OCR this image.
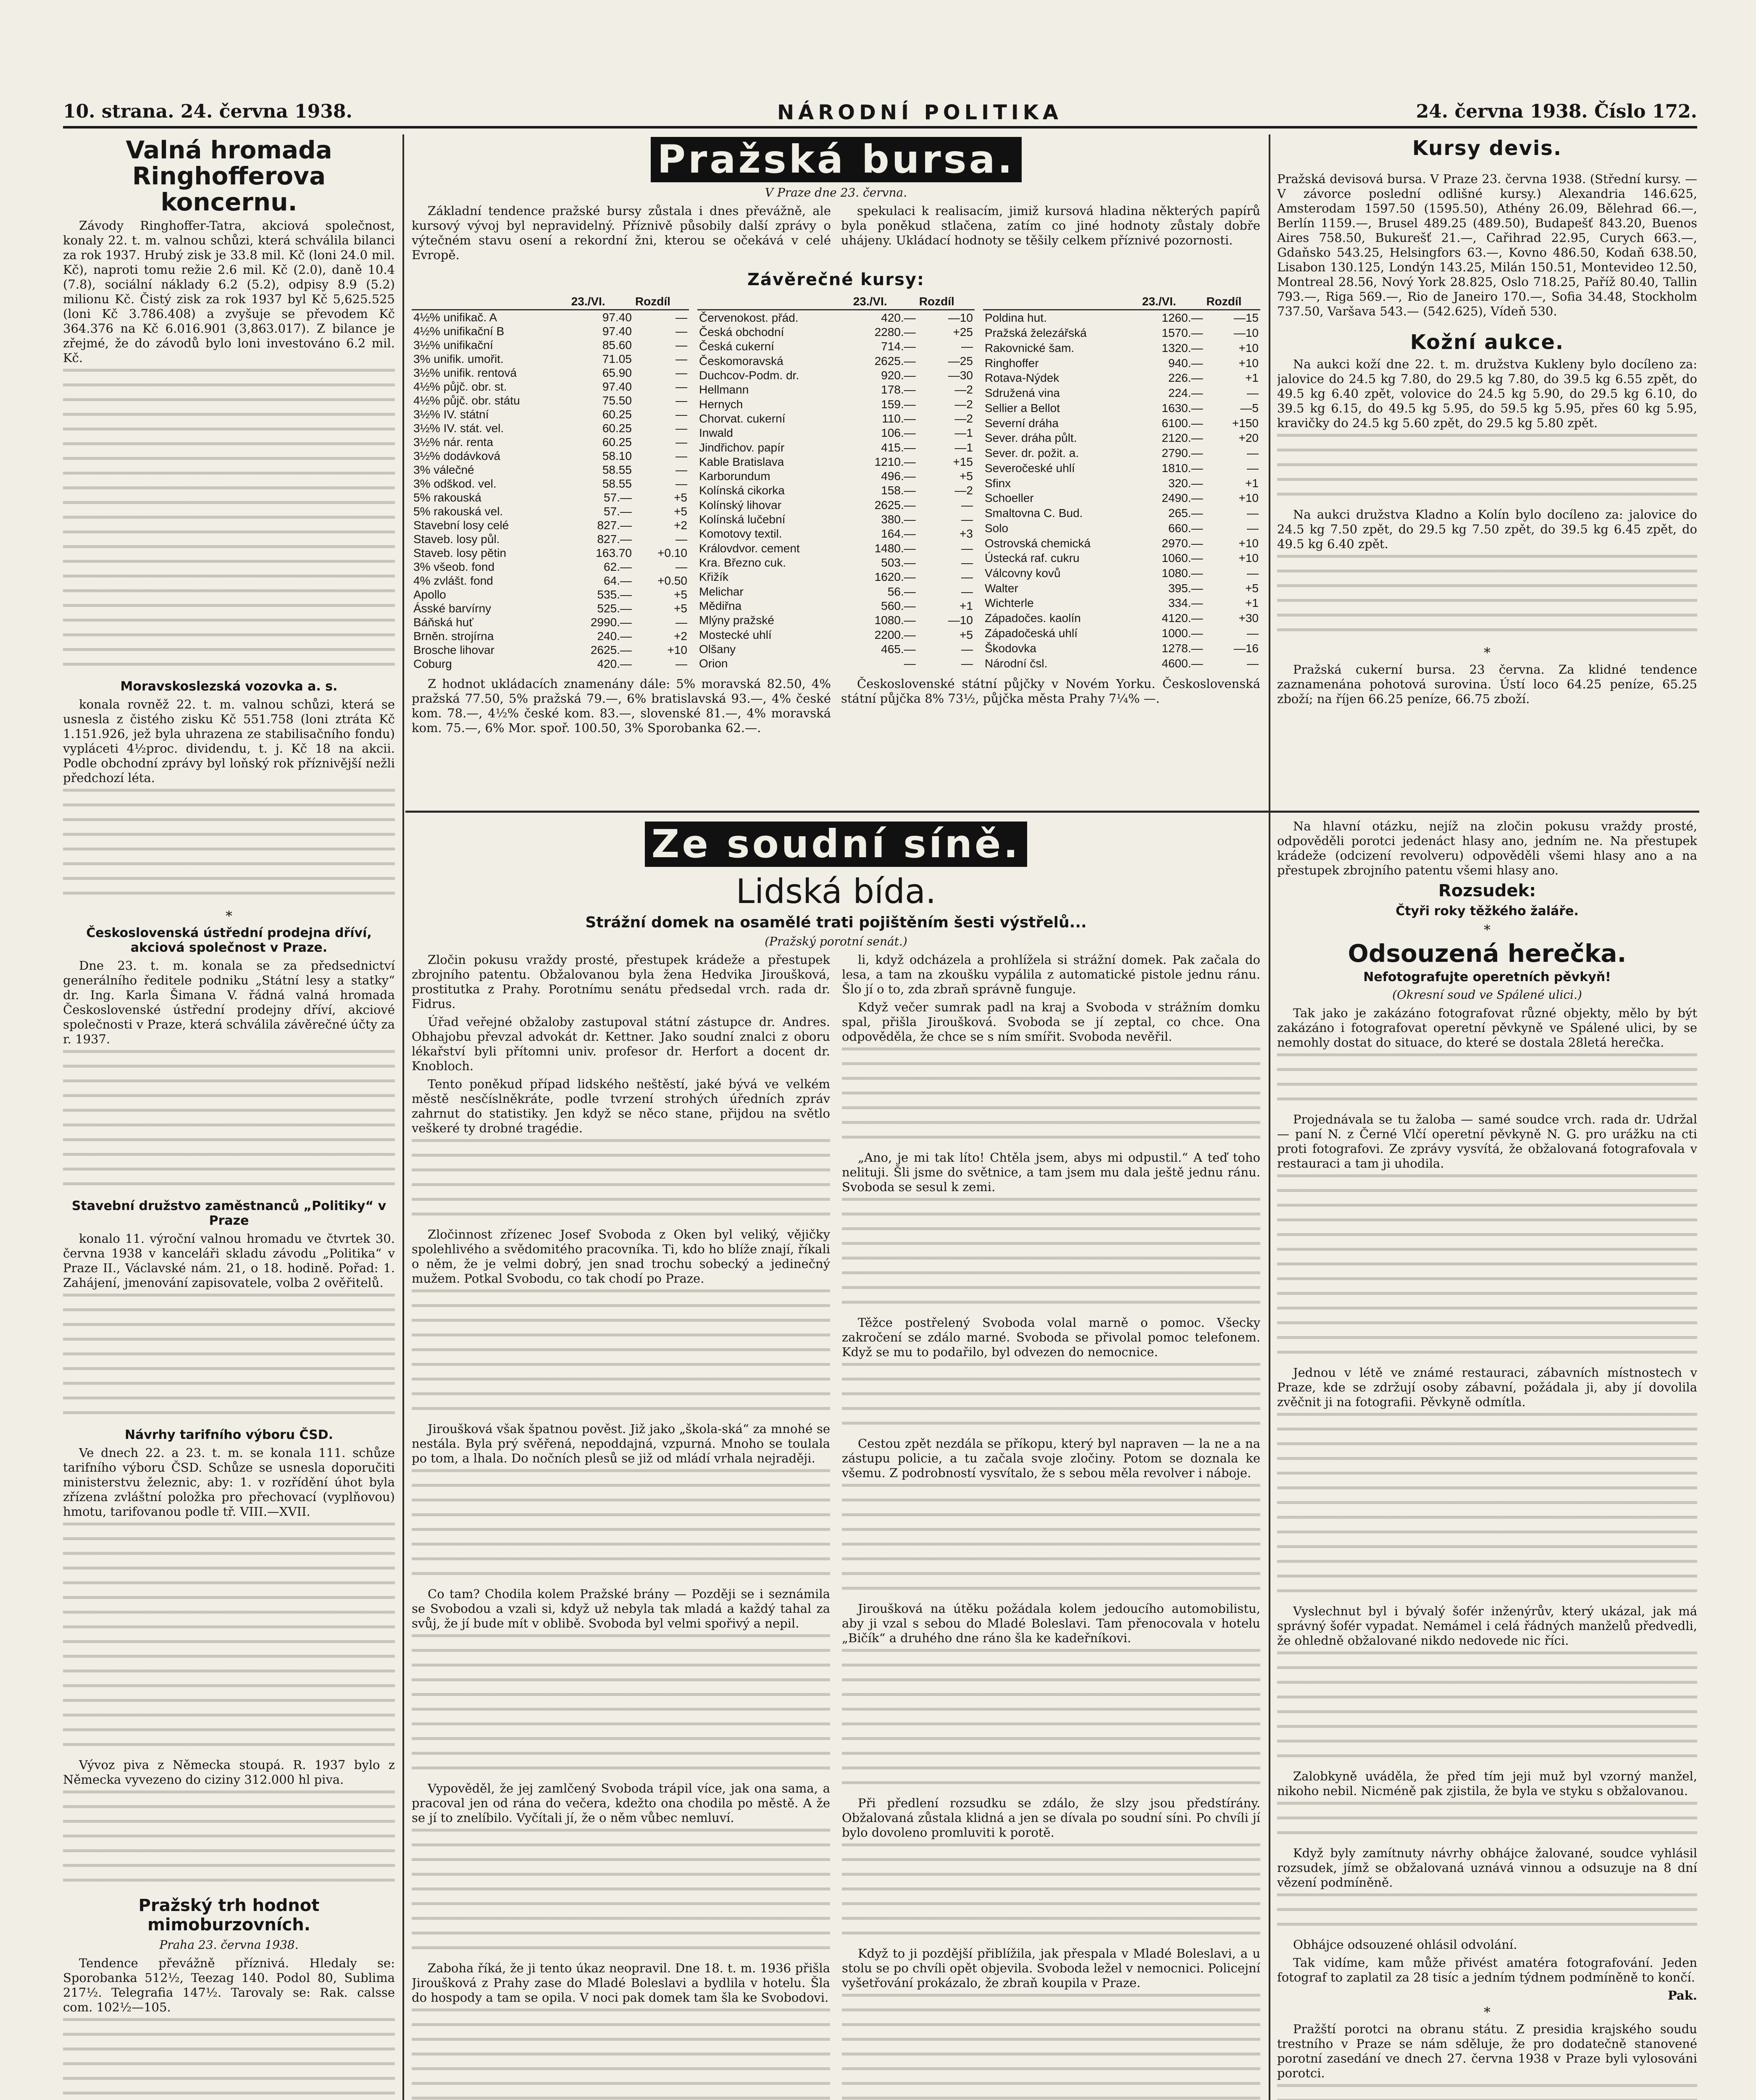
10. strana. 24. června 1938.	NÁRODNÍ POLITIKA	24. června 1938. Číslo 172.
Valná hromada Ringhofferova koncernu.

Závody Ringhoffer-Tatra, akciová společnost, konaly 22. t. m. valnou schůzi, která schválila bilanci za rok 1937. Hrubý zisk je 33.8 mil. Kč (loni 24.0 mil. Kč), naproti tomu režie 2.6 mil. Kč (2.0), daně 10.4 (7.8), sociální náklady 6.2 (5.2), odpisy 8.9 (5.2) milionu Kč. Čistý zisk za rok 1937 byl Kč 5,625.525 (loni Kč 3.786.408) a zvyšuje se převodem Kč 364.376 na Kč 6.016.901 (3,863.017). Z bilance je zřejmé, že do závodů bylo loni investováno 6.2 mil. Kč.

Moravskoslezská vozovka a. s.

konala rovněž 22. t. m. valnou schůzi, která se usnesla z čistého zisku Kč 551.758 (loni ztráta Kč 1.151.926, jež byla uhrazena ze stabilisačního fondu) vypláceti 4½proc. dividendu, t. j. Kč 18 na akcii. Podle obchodní zprávy byl loňský rok příznivější nežli předchozí léta.

*
Československá ústřední prodejna dříví, akciová společnost v Praze.

Dne 23. t. m. konala se za předsednictví generálního ředitele podniku „Státní lesy a statky“ dr. Ing. Karla Šimana V. řádná valná hromada Československé ústřední prodejny dříví, akciové společnosti v Praze, která schválila závěrečné účty za r. 1937.

Stavební družstvo zaměstnanců „Politiky“ v Praze

konalo 11. výroční valnou hromadu ve čtvrtek 30. června 1938 v kanceláři skladu závodu „Politika“ v Praze II., Václavské nám. 21, o 18. hodině. Pořad: 1. Zahájení, jmenování zapisovatele, volba 2 ověřitelů.

Návrhy tarifního výboru ČSD.

Ve dnech 22. a 23. t. m. se konala 111. schůze tarifního výboru ČSD. Schůze se usnesla doporučiti ministerstvu železnic, aby: 1. v rozřídění úhot byla zřízena zvláštní položka pro přechovací (vyplňovou) hmotu, tarifovanou podle tř. VIII.—XVII.

Vývoz piva z Německa stoupá. R. 1937 bylo z Německa vyvezeno do ciziny 312.000 hl piva.

Pražský trh hodnot mimoburzovních.
Praha 23. června 1938.

Tendence převážně příznivá. Hledaly se: Sporobanka 512½, Teezag 140. Podol 80, Sublima 217½. Telegrafia 147½. Tarovaly se: Rak. calsse com. 102½—105.

Pražská bursa.
V Praze dne 23. června.

Základní tendence pražské bursy zůstala i dnes převážně, ale kursový vývoj byl nepravidelný. Příznivě působily další zprávy o výtečném stavu osení a rekordní žni, kterou se očekává v celé Evropě.

spekulaci k realisacím, jimiž kursová hladina některých papírů byla poněkud stlačena, zatím co jiné hodnoty zůstaly dobře uhájeny. Ukládací hodnoty se těšily celkem příznivé pozornosti.

Závěrečné kursy:
	23./VI.	Rozdíl
4½% unifikač. A	97.40	—
4½% unifikační B	97.40	—
3½% unifikační	85.60	—
3% unifik. umořit.	71.05	—
3½% unifik. rentová	65.90	—
4½% půjč. obr. st.	97.40	—
4½% půjč. obr. státu	75.50	—
3½% IV. státní	60.25	—
3½% IV. stát. vel.	60.25	—
3½% nár. renta	60.25	—
3½% dodávková	58.10	—
3% válečné	58.55	—
3% odškod. vel.	58.55	—
5% rakouská	57.—	+5
5% rakouská vel.	57.—	+5
Stavební losy celé	827.—	+2
Staveb. losy půl.	827.—	—
Staveb. losy pětin	163.70	+0.10
3% všeob. fond	62.—	—
4% zvlášt. fond	64.—	+0.50
Apollo	535.—	+5
Ásské barvírny	525.—	+5
Báňská huť	2990.—	—
Brněn. strojírna	240.—	+2
Brosche lihovar	2625.—	+10
Coburg	420.—	—
	23./VI.	Rozdíl
Červenokost. přád.	420.—	—10
Česká obchodní	2280.—	+25
Česká cukerní	714.—	—
Českomoravská	2625.—	—25
Duchcov-Podm. dr.	920.—	—30
Hellmann	178.—	—2
Hernych	159.—	—2
Chorvat. cukerní	110.—	—2
Inwald	106.—	—1
Jindřichov. papír	415.—	—1
Kable Bratislava	1210.—	+15
Karborundum	496.—	+5
Kolínská cikorka	158.—	—2
Kolínský lihovar	2625.—	—
Kolínská lučební	380.—	—
Komotovy textil.	164.—	+3
Královdvor. cement	1480.—	—
Kra. Březno cuk.	503.—	—
Křižík	1620.—	—
Melichar	56.—	—
Mědiřna	560.—	+1
Mlýny pražské	1080.—	—10
Mostecké uhlí	2200.—	+5
Olšany	465.—	—
Orion	—	—
	23./VI.	Rozdíl
Poldina hut.	1260.—	—15
Pražská železářská	1570.—	—10
Rakovnické šam.	1320.—	+10
Ringhoffer	940.—	+10
Rotava-Nýdek	226.—	+1
Sdružená vina	224.—	—
Sellier a Bellot	1630.—	—5
Severní dráha	6100.—	+150
Sever. dráha půlt.	2120.—	+20
Sever. dr. požit. a.	2790.—	—
Severočeské uhlí	1810.—	—
Sfinx	320.—	+1
Schoeller	2490.—	+10
Smaltovna C. Bud.	265.—	—
Solo	660.—	—
Ostrovská chemická	2970.—	+10
Ústecká raf. cukru	1060.—	+10
Válcovny kovů	1080.—	—
Walter	395.—	+5
Wichterle	334.—	+1
Západočes. kaolín	4120.—	+30
Západočeská uhlí	1000.—	—
Škodovka	1278.—	—16
Národní čsl.	4600.—	—

Z hodnot ukládacích znamenány dále: 5% moravská 82.50, 4% pražská 77.50, 5% pražská 79.—, 6% bratislavská 93.—, 4% české kom. 78.—, 4½% české kom. 83.—, slovenské 81.—, 4% moravská kom. 75.—, 6% Mor. spoř. 100.50, 3% Sporobanka 62.—.

Československé státní půjčky v Novém Yorku. Československá státní půjčka 8% 73½, půjčka města Prahy 7¼% —.

Kursy devis.

Pražská devisová bursa. V Praze 23. června 1938. (Střední kursy. — V závorce poslední odlišné kursy.) Alexandria 146.625, Amsterodam 1597.50 (1595.50), Athény 26.09, Bělehrad 66.—, Berlín 1159.—, Brusel 489.25 (489.50), Budapešť 843.20, Buenos Aires 758.50, Bukurešť 21.—, Cařihrad 22.95, Curych 663.—, Gdaňsko 543.25, Helsingfors 63.—, Kovno 486.50, Kodaň 638.50, Lisabon 130.125, Londýn 143.25, Milán 150.51, Montevideo 12.50, Montreal 28.56, Nový York 28.825, Oslo 718.25, Paříž 80.40, Tallin 793.—, Riga 569.—, Rio de Janeiro 170.—, Sofia 34.48, Stockholm 737.50, Varšava 543.— (542.625), Vídeň 530.

Kožní aukce.

Na aukci koží dne 22. t. m. družstva Kukleny bylo docíleno za: jalovice do 24.5 kg 7.80, do 29.5 kg 7.80, do 39.5 kg 6.55 zpět, do 49.5 kg 6.40 zpět, volovice do 24.5 kg 5.90, do 29.5 kg 6.10, do 39.5 kg 6.15, do 49.5 kg 5.95, do 59.5 kg 5.95, přes 60 kg 5.95, kravičky do 24.5 kg 5.60 zpět, do 29.5 kg 5.80 zpět.

Na aukci družstva Kladno a Kolín bylo docíleno za: jalovice do 24.5 kg 7.50 zpět, do 29.5 kg 7.50 zpět, do 39.5 kg 6.45 zpět, do 49.5 kg 6.40 zpět.

*

Pražská cukerní bursa. 23 června. Za klidné tendence zaznamenána pohotová surovina. Ústí loco 64.25 peníze, 65.25 zboží; na říjen 66.25 peníze, 66.75 zboží.

Ze soudní síně.
Lidská bída.
Strážní domek na osamělé trati pojištěním šesti výstřelů...
(Pražský porotní senát.)

Zločin pokusu vraždy prosté, přestupek krádeže a přestupek zbrojního patentu. Obžalovanou byla žena Hedvika Jiroušková, prostitutka z Prahy. Porotnímu senátu předsedal vrch. rada dr. Fidrus.

Úřad veřejné obžaloby zastupoval státní zástupce dr. Andres. Obhajobu převzal advokát dr. Kettner. Jako soudní znalci z oboru lékařství byli přítomni univ. profesor dr. Herfort a docent dr. Knobloch.

Tento poněkud případ lidského neštěstí, jaké bývá ve velkém městě nesčíslněkráte, podle tvrzení strohých úředních zpráv zahrnut do statistiky. Jen když se něco stane, přijdou na světlo veškeré ty drobné tragédie.

Zločinnost zřízenec Josef Svoboda z Oken byl veliký, vějičky spolehlivého a svědomitého pracovníka. Ti, kdo ho blíže znají, říkali o něm, že je velmi dobrý, jen snad trochu sobecký a jedinečný mužem. Potkal Svobodu, co tak chodí po Praze.

Jiroušková však špatnou pověst. Již jako „škola-ská“ za mnohé se nestála. Byla prý svěřená, nepoddajná, vzpurná. Mnoho se toulala po tom, a lhala. Do nočních plesů se již od mládí vrhala nejraději.

Co tam? Chodila kolem Pražské brány — Později se i seznámila se Svobodou a vzali si, když už nebyla tak mladá a každý tahal za svůj, že jí bude mít v oblibě. Svoboda byl velmi spořivý a nepil.

Vypověděl, že jej zamlčený Svoboda trápil více, jak ona sama, a pracoval jen od rána do večera, kdežto ona chodila po městě. A že se jí to znelíbilo. Vyčítali jí, že o něm vůbec nemluví.

Zaboha říká, že ji tento úkaz neopravil. Dne 18. t. m. 1936 přišla Jiroušková z Prahy zase do Mladé Boleslavi a bydlila v hotelu. Šla do hospody a tam se opila. V noci pak domek tam šla ke Svobodovi.

li, když odcházela a prohlížela si strážní domek. Pak začala do lesa, a tam na zkoušku vypálila z automatické pistole jednu ránu. Šlo jí o to, zda zbraň správně funguje.

Když večer sumrak padl na kraj a Svoboda v strážním domku spal, přišla Jiroušková. Svoboda se jí zeptal, co chce. Ona odpověděla, že chce se s ním smířit. Svoboda nevěřil.

„Ano, je mi tak líto! Chtěla jsem, abys mi odpustil.“ A teď toho nelituji. Šli jsme do světnice, a tam jsem mu dala ještě jednu ránu. Svoboda se sesul k zemi.

Těžce postřelený Svoboda volal marně o pomoc. Všecky zakročení se zdálo marné. Svoboda se přivolal pomoc telefonem. Když se mu to podařilo, byl odvezen do nemocnice.

Cestou zpět nezdála se příkopu, který byl napraven — la ne a na zástupu policie, a tu začala svoje zločiny. Potom se doznala ke všemu. Z podrobností vysvítalo, že s sebou měla revolver i náboje.

Jiroušková na útěku požádala kolem jedoucího automobilistu, aby ji vzal s sebou do Mladé Boleslavi. Tam přenocovala v hotelu „Bičík“ a druhého dne ráno šla ke kadeřníkovi.

Při předlení rozsudku se zdálo, že slzy jsou předstírány. Obžalovaná zůstala klidná a jen se dívala po soudní síni. Po chvíli jí bylo dovoleno promluviti k porotě.

Když to ji pozdější přiblížila, jak přespala v Mladé Boleslavi, a u stolu se po chvíli opět objevila. Svoboda ležel v nemocnici. Policejní vyšetřování prokázalo, že zbraň koupila v Praze.

Na hlavní otázku, nejíž na zločin pokusu vraždy prosté, odpověděli porotci jedenáct hlasy ano, jedním ne. Na přestupek krádeže (odcizení revolveru) odpověděli všemi hlasy ano a na přestupek zbrojního patentu všemi hlasy ano.

Rozsudek:
Čtyři roky těžkého žaláře.
*
Odsouzená herečka.
Nefotografujte operetních pěvkyň!
(Okresní soud ve Spálené ulici.)

Tak jako je zakázáno fotografovat různé objekty, mělo by být zakázáno i fotografovat operetní pěvkyně ve Spálené ulici, by se nemohly dostat do situace, do které se dostala 28letá herečka.

Projednávala se tu žaloba — samé soudce vrch. rada dr. Udržal — paní N. z Černé Vlčí operetní pěvkyně N. G. pro urážku na cti proti fotografovi. Ze zprávy vysvítá, že obžalovaná fotografovala v restauraci a tam ji uhodila.

Jednou v létě ve známé restauraci, zábavních místnostech v Praze, kde se zdržují osoby zábavní, požádala ji, aby jí dovolila zvěčnit ji na fotografii. Pěvkyně odmítla.

Vyslechnut byl i bývalý šofér inženýrův, který ukázal, jak má správný šofér vypadat. Nemámel i celá řádných manželů předvedli, že ohledně obžalované nikdo nedovede nic říci.

Zalobkyně uváděla, že před tím jeji muž byl vzorný manžel, nikoho nebil. Nicméně pak zjistila, že byla ve styku s obžalovanou.

Když byly zamítnuty návrhy obhájce žalované, soudce vyhlásil rozsudek, jímž se obžalovaná uznává vinnou a odsuzuje na 8 dní vězení podmíněně.

Obhájce odsouzené ohlásil odvolání.

Tak vidíme, kam může přivést amatéra fotografování. Jeden fotograf to zaplatil za 28 tisíc a jedním týdnem podmíněně to končí.

Pak.
*

Pražští porotci na obranu státu. Z presidia krajského soudu trestního v Praze se nám sděluje, že pro dodatečně stanovené porotní zasedání ve dnech 27. června 1938 v Praze byli vylosováni porotci.
